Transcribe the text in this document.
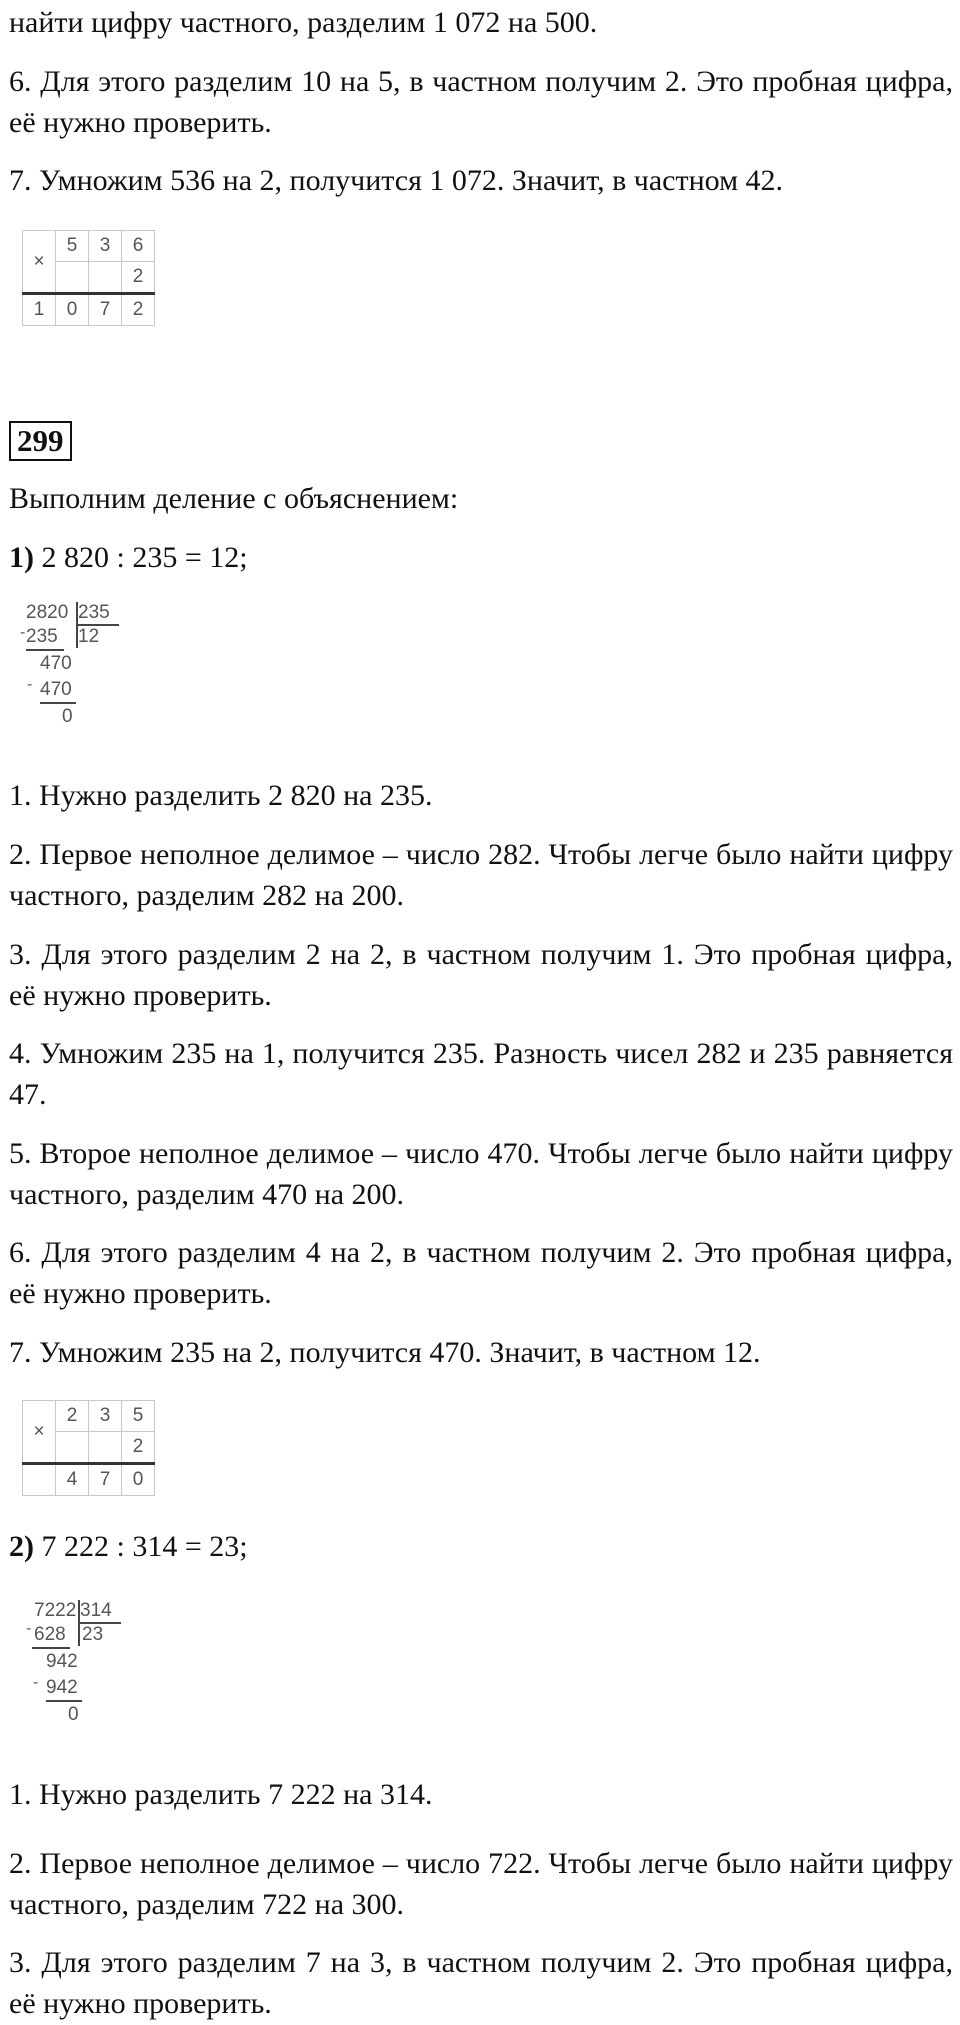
найти цифру частного, разделим 1 072 на 500.

6. Для этого разделим 10 на 5, в частном получим 2. Это пробная цифра, её нужно проверить.

7. Умножим 536 на 2, получится 1 072. Значит, в частном 42.

×	5	3	6
			2
1	0	7	2
299

Выполним деление с объяснением:

1) 2 820 : 235 = 12;

2820 235
12
- 235
470
- 470
0

1. Нужно разделить 2 820 на 235.

2. Первое неполное делимое – число 282. Чтобы легче было найти цифру частного, разделим 282 на 200.

3. Для этого разделим 2 на 2, в частном получим 1. Это пробная цифра, её нужно проверить.

4. Умножим 235 на 1, получится 235. Разность чисел 282 и 235 равняется 47.

5. Второе неполное делимое – число 470. Чтобы легче было найти цифру частного, разделим 470 на 200.

6. Для этого разделим 4 на 2, в частном получим 2. Это пробная цифра, её нужно проверить.

7. Умножим 235 на 2, получится 470. Значит, в частном 12.

×	2	3	5
			2
	4	7	0

2) 7 222 : 314 = 23;

7222 314
23
- 628
942
- 942
0

1. Нужно разделить 7 222 на 314.

2. Первое неполное делимое – число 722. Чтобы легче было найти цифру частного, разделим 722 на 300.

3. Для этого разделим 7 на 3, в частном получим 2. Это пробная цифра, её нужно проверить.
